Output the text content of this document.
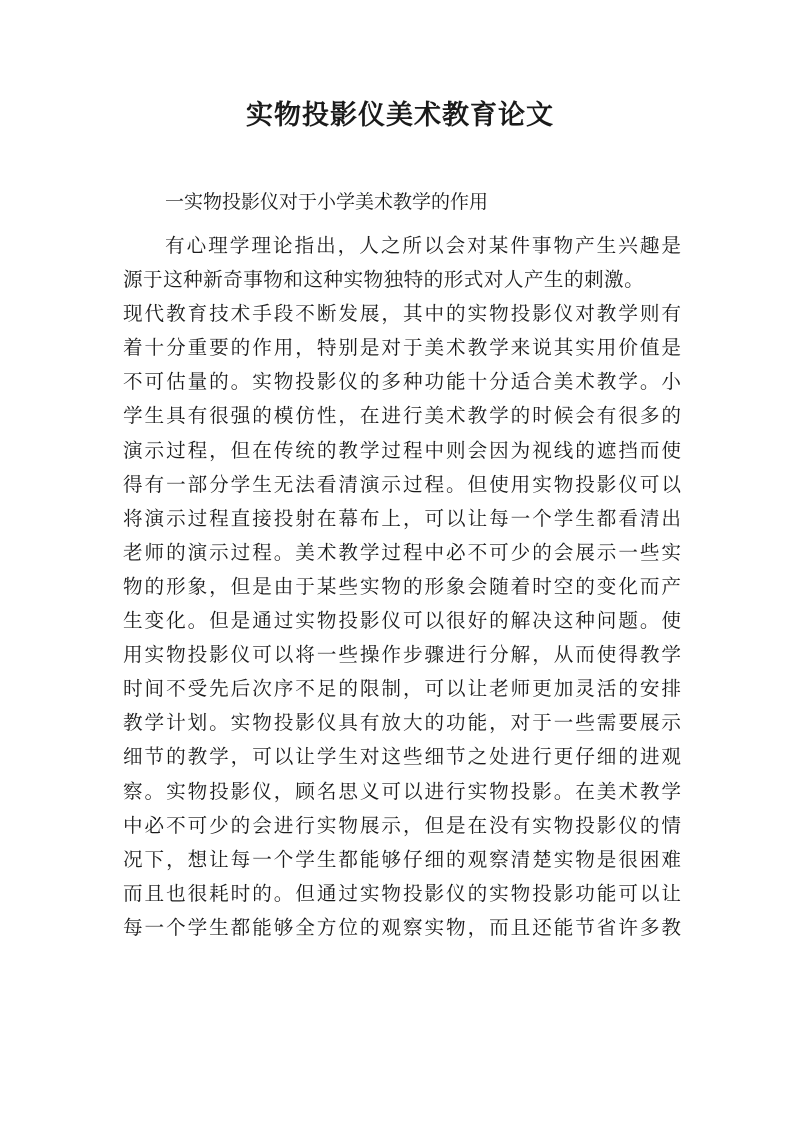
实物投影仪美术教育论文

一实物投影仪对于小学美术教学的作用

有心理学理论指出，人之所以会对某件事物产生兴趣是
源于这种新奇事物和这种实物独特的形式对人产生的刺激。
现代教育技术手段不断发展，其中的实物投影仪对教学则有
着十分重要的作用，特别是对于美术教学来说其实用价值是
不可估量的。实物投影仪的多种功能十分适合美术教学。小
学生具有很强的模仿性，在进行美术教学的时候会有很多的
演示过程，但在传统的教学过程中则会因为视线的遮挡而使
得有一部分学生无法看清演示过程。但使用实物投影仪可以
将演示过程直接投射在幕布上，可以让每一个学生都看清出
老师的演示过程。美术教学过程中必不可少的会展示一些实
物的形象，但是由于某些实物的形象会随着时空的变化而产
生变化。但是通过实物投影仪可以很好的解决这种问题。使
用实物投影仪可以将一些操作步骤进行分解，从而使得教学
时间不受先后次序不足的限制，可以让老师更加灵活的安排
教学计划。实物投影仪具有放大的功能，对于一些需要展示
细节的教学，可以让学生对这些细节之处进行更仔细的进观
察。实物投影仪，顾名思义可以进行实物投影。在美术教学
中必不可少的会进行实物展示，但是在没有实物投影仪的情
况下，想让每一个学生都能够仔细的观察清楚实物是很困难
而且也很耗时的。但通过实物投影仪的实物投影功能可以让
每一个学生都能够全方位的观察实物，而且还能节省许多教
